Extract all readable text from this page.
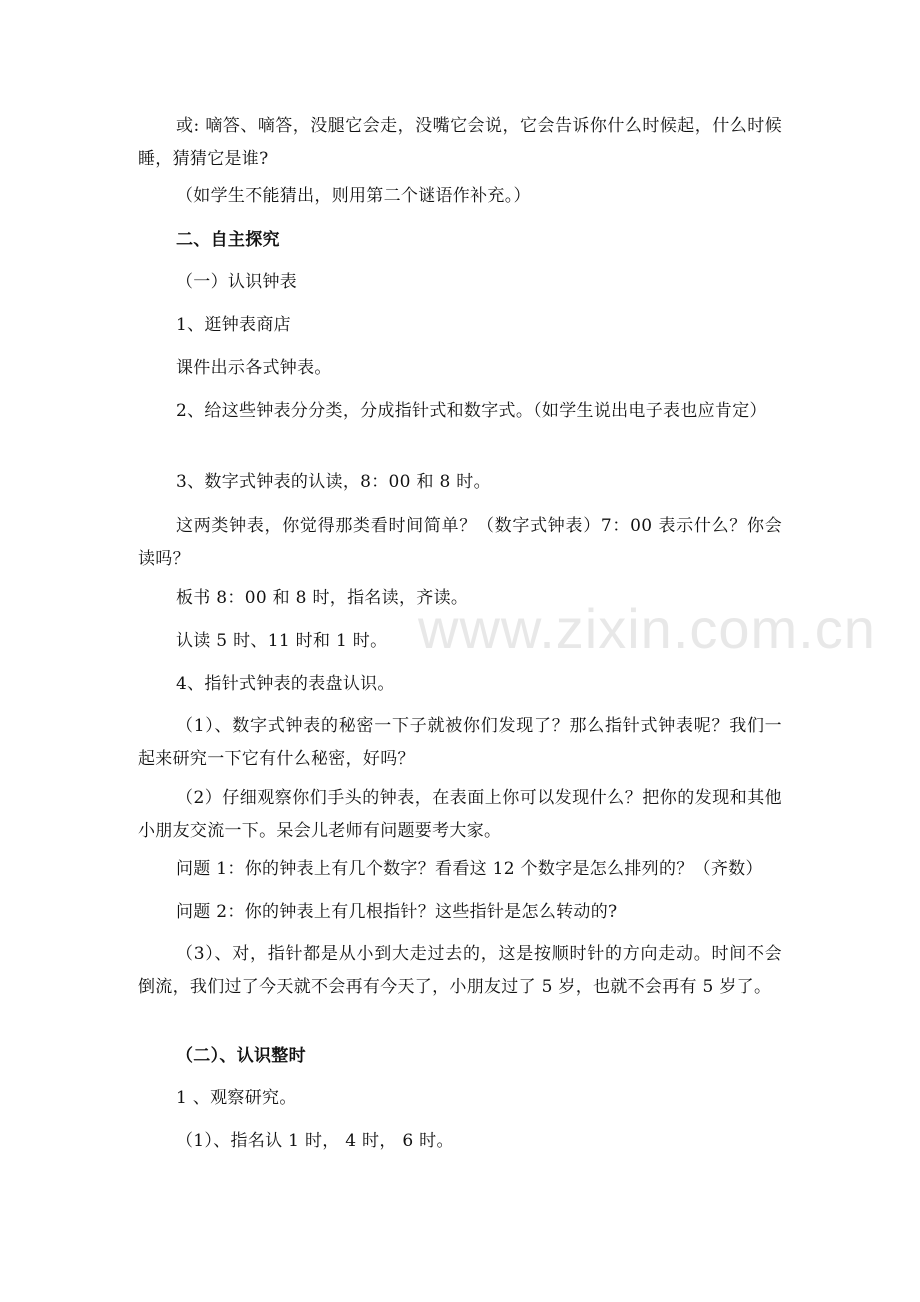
www.zixin.com.cn

或: 嘀答、嘀答，没腿它会走，没嘴它会说，它会告诉你什么时候起，什么时候睡，猜猜它是谁?

（如学生不能猜出，则用第二个谜语作补充。）

二、自主探究

（一）认识钟表

1、逛钟表商店

课件出示各式钟表。

2、给这些钟表分分类，分成指针式和数字式。（如学生说出电子表也应肯定）

3、数字式钟表的认读，8：00 和 8 时。

这两类钟表，你觉得那类看时间简单？（数字式钟表）7：00 表示什么？你会读吗？

板书 8：00 和 8 时，指名读，齐读。

认读 5 时、11 时和 1 时。

4、指针式钟表的表盘认识。

（1）、数字式钟表的秘密一下子就被你们发现了？那么指针式钟表呢？我们一起来研究一下它有什么秘密，好吗？

（2）仔细观察你们手头的钟表，在表面上你可以发现什么？把你的发现和其他小朋友交流一下。呆会儿老师有问题要考大家。

问题 1：你的钟表上有几个数字？看看这 12 个数字是怎么排列的？（齐数）

问题 2：你的钟表上有几根指针？这些指针是怎么转动的?

（3）、对，指针都是从小到大走过去的，这是按顺时针的方向走动。时间不会倒流，我们过了今天就不会再有今天了，小朋友过了 5 岁，也就不会再有 5 岁了。

（二）、认识整时

1 、观察研究。

（1）、指名认 1 时， 4 时， 6 时。
